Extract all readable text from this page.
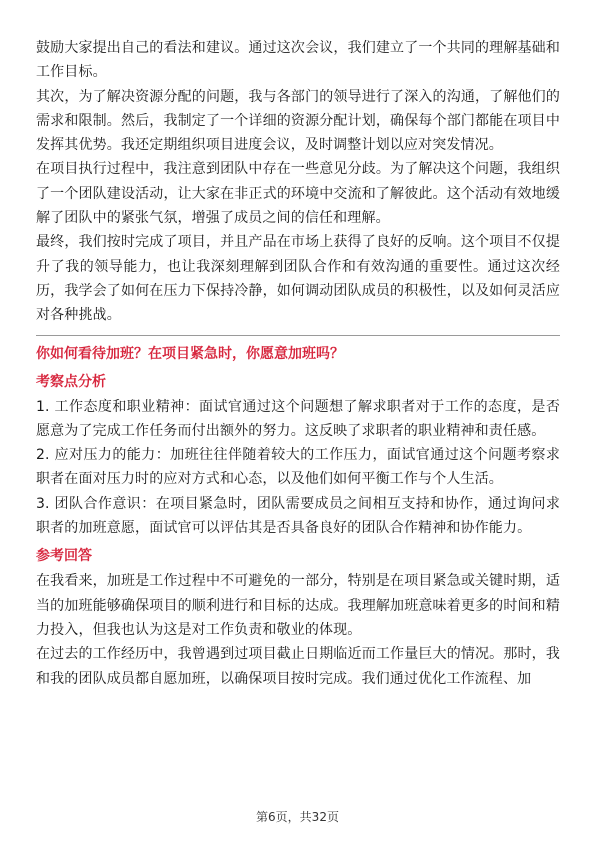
鼓励大家提出自己的看法和建议。通过这次会议，我们建立了一个共同的理解基础和工作目标。

其次，为了解决资源分配的问题，我与各部门的领导进行了深入的沟通，了解他们的需求和限制。然后，我制定了一个详细的资源分配计划，确保每个部门都能在项目中发挥其优势。我还定期组织项目进度会议，及时调整计划以应对突发情况。

在项目执行过程中，我注意到团队中存在一些意见分歧。为了解决这个问题，我组织了一个团队建设活动，让大家在非正式的环境中交流和了解彼此。这个活动有效地缓解了团队中的紧张气氛，增强了成员之间的信任和理解。

最终，我们按时完成了项目，并且产品在市场上获得了良好的反响。这个项目不仅提升了我的领导能力，也让我深刻理解到团队合作和有效沟通的重要性。通过这次经历，我学会了如何在压力下保持冷静，如何调动团队成员的积极性，以及如何灵活应对各种挑战。

你如何看待加班？在项目紧急时，你愿意加班吗？

考察点分析

1. 工作态度和职业精神：面试官通过这个问题想了解求职者对于工作的态度，是否愿意为了完成工作任务而付出额外的努力。这反映了求职者的职业精神和责任感。

2. 应对压力的能力：加班往往伴随着较大的工作压力，面试官通过这个问题考察求职者在面对压力时的应对方式和心态，以及他们如何平衡工作与个人生活。

3. 团队合作意识：在项目紧急时，团队需要成员之间相互支持和协作，通过询问求职者的加班意愿，面试官可以评估其是否具备良好的团队合作精神和协作能力。

参考回答

在我看来，加班是工作过程中不可避免的一部分，特别是在项目紧急或关键时期，适当的加班能够确保项目的顺利进行和目标的达成。我理解加班意味着更多的时间和精力投入，但我也认为这是对工作负责和敬业的体现。

在过去的工作经历中，我曾遇到过项目截止日期临近而工作量巨大的情况。那时，我和我的团队成员都自愿加班，以确保项目按时完成。我们通过优化工作流程、加

第6页，共32页
